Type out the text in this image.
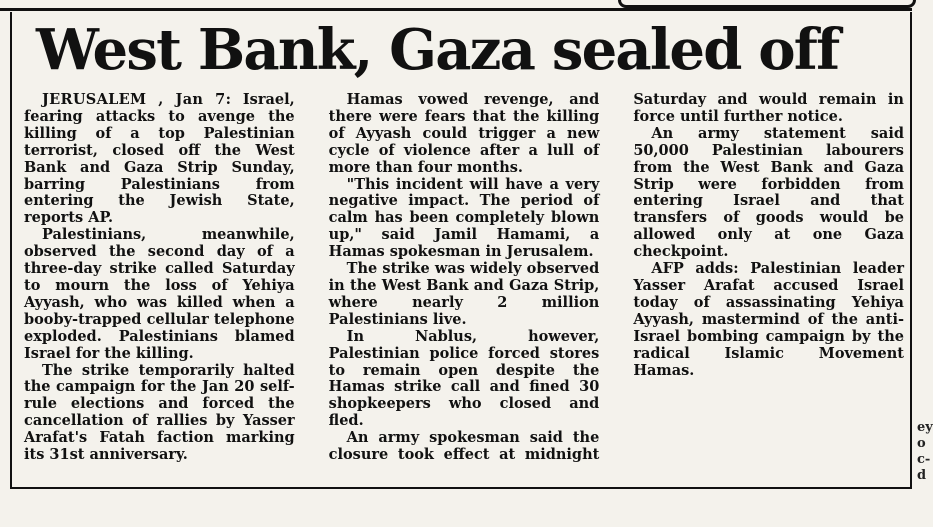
West Bank, Gaza sealed off

JERUSALEM , Jan 7: Israel, fearing attacks to avenge the killing of a top Palestinian terrorist, closed off the West Bank and Gaza Strip Sunday, barring Palestinians from entering the Jewish State, reports AP.

Palestinians, meanwhile, observed the second day of a three-day strike called Saturday to mourn the loss of Yehiya Ayyash, who was killed when a booby-trapped cellular telephone exploded. Palestinians blamed Israel for the killing.

The strike temporarily halted the campaign for the Jan 20 self-rule elections and forced the cancellation of rallies by Yasser Arafat's Fatah faction marking its 31st anniversary.

Hamas vowed revenge, and there were fears that the killing of Ayyash could trigger a new cycle of violence after a lull of more than four months.

"This incident will have a very negative impact. The period of calm has been completely blown up," said Jamil Hamami, a Hamas spokesman in Jerusalem.

The strike was widely observed in the West Bank and Gaza Strip, where nearly 2 million Palestinians live.

In Nablus, however, Palestinian police forced stores to remain open despite the Hamas strike call and fined 30 shopkeepers who closed and fled.

An army spokesman said the closure took effect at midnight Saturday and would remain in force until further notice.

An army statement said 50,000 Palestinian labourers from the West Bank and Gaza Strip were forbidden from entering Israel and that transfers of goods would be allowed only at one Gaza checkpoint.

AFP adds: Palestinian leader Yasser Arafat accused Israel today of assassinating Yehiya Ayyash, mastermind of the anti-Israel bombing campaign by the radical Islamic Movement Hamas.

ey
o
c-
d
